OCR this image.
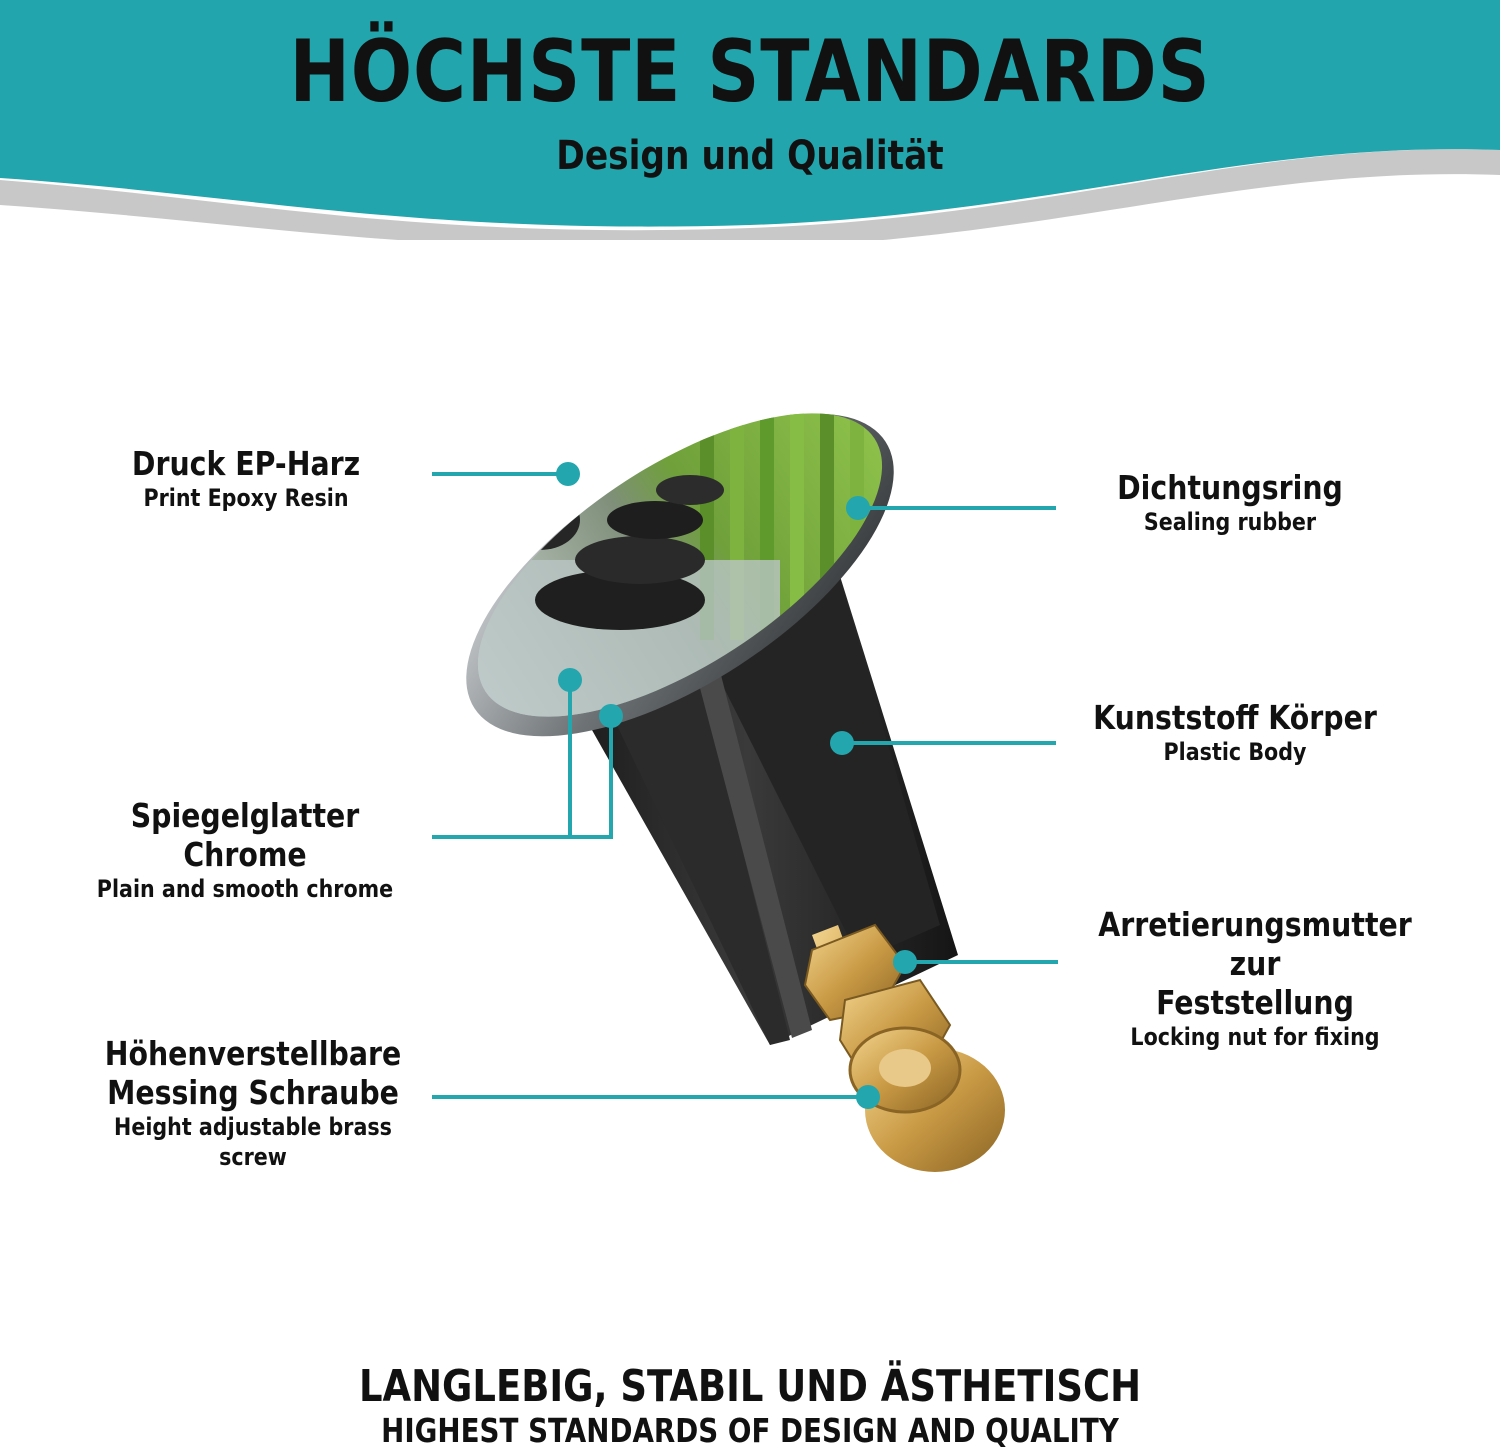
HÖCHSTE STANDARDS
Design und Qualität
Druck EP-Harz
Print Epoxy Resin
Spiegelglatter Chrome
Plain and smooth chrome
Höhenverstellbare
Messing Schraube
Height adjustable brass screw
Dichtungsring
Sealing rubber
Kunststoff Körper
Plastic Body
Arretierungsmutter zur
Feststellung
Locking nut for fixing
LANGLEBIG, STABIL UND ÄSTHETISCH
HIGHEST STANDARDS OF DESIGN AND QUALITY
